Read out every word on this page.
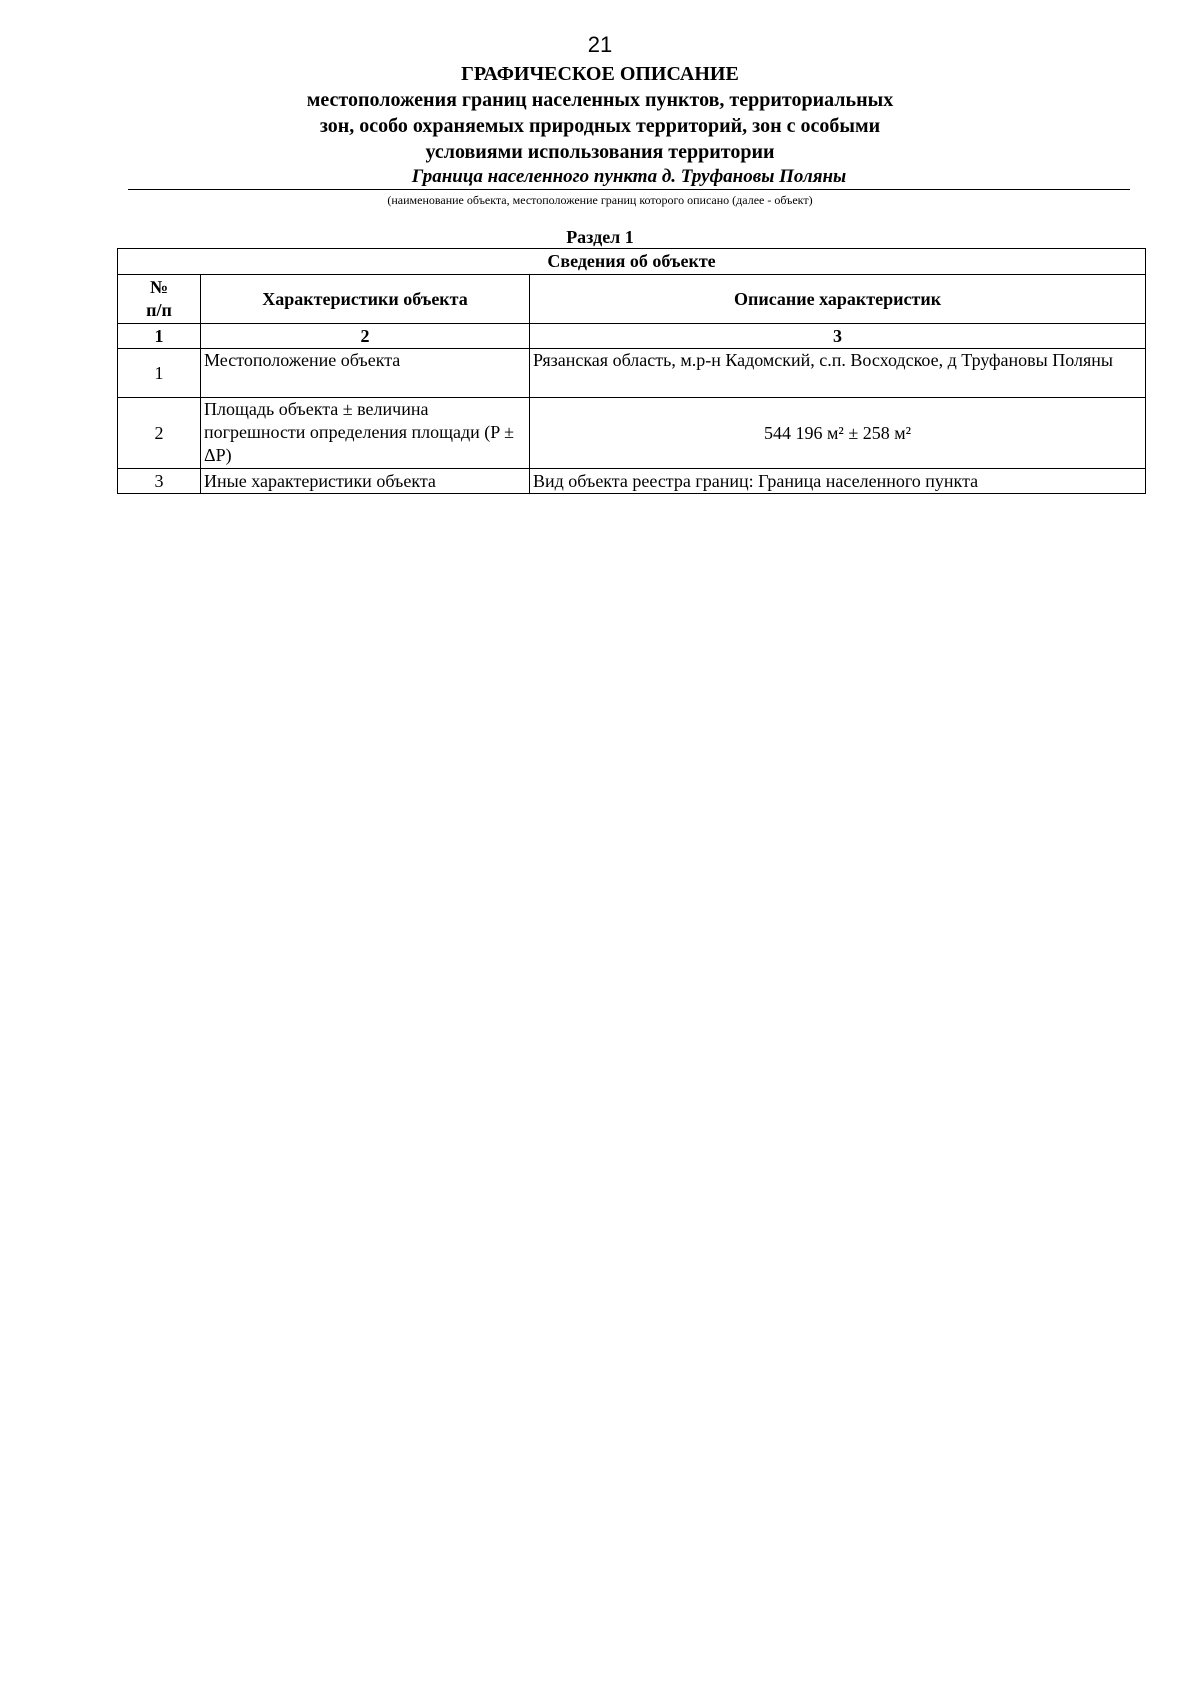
21
ГРАФИЧЕСКОЕ ОПИСАНИЕ
местоположения границ населенных пунктов, территориальных
зон, особо охраняемых природных территорий, зон с особыми
условиями использования территории
Граница населенного пункта д. Труфановы Поляны
(наименование объекта, местоположение границ которого описано (далее - объект)
Раздел 1
Сведения об объекте		

№
п/п	Характеристики объекта	Описание характеристик
1	2	3
1	Местоположение объекта	Рязанская область, м.р-н Кадомский, с.п. Восходское, д Труфановы Поляны
2	Площадь объекта ± величина погрешности определения площади (P ± ΔP)	544 196 м² ± 258 м²
3	Иные характеристики объекта	Вид объекта реестра границ: Граница населенного пункта
